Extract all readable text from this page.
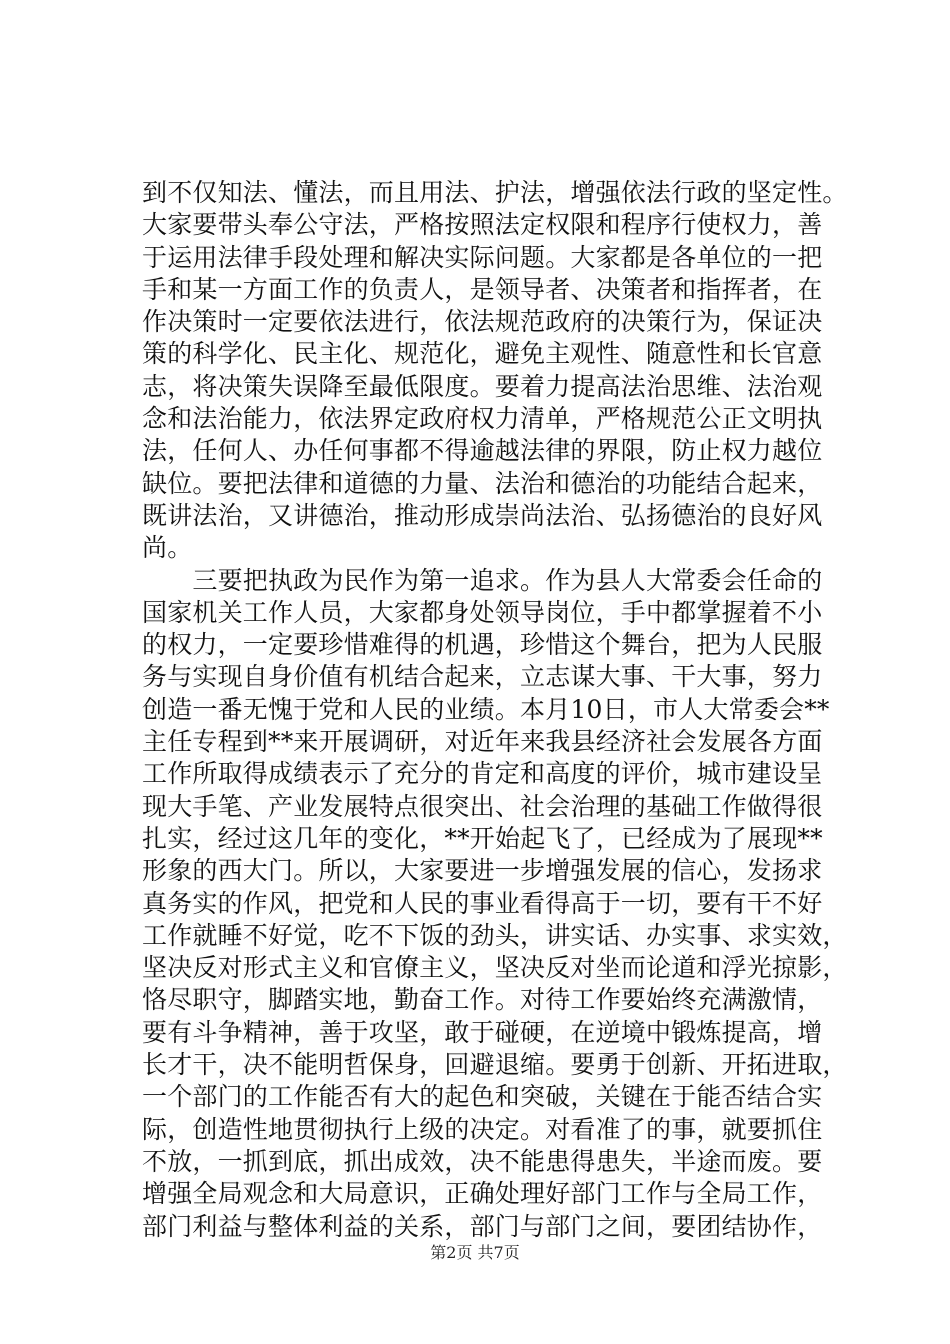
到不仅知法、懂法，而且用法、护法，增强依法行政的坚定性。
大家要带头奉公守法，严格按照法定权限和程序行使权力，善
于运用法律手段处理和解决实际问题。大家都是各单位的一把
手和某一方面工作的负责人，是领导者、决策者和指挥者，在
作决策时一定要依法进行，依法规范政府的决策行为，保证决
策的科学化、民主化、规范化，避免主观性、随意性和长官意
志，将决策失误降至最低限度。要着力提高法治思维、法治观
念和法治能力，依法界定政府权力清单，严格规范公正文明执
法，任何人、办任何事都不得逾越法律的界限，防止权力越位
缺位。要把法律和道德的力量、法治和德治的功能结合起来，
既讲法治，又讲德治，推动形成崇尚法治、弘扬德治的良好风
尚。
　　三要把执政为民作为第一追求。作为县人大常委会任命的
国家机关工作人员，大家都身处领导岗位，手中都掌握着不小
的权力，一定要珍惜难得的机遇，珍惜这个舞台，把为人民服
务与实现自身价值有机结合起来，立志谋大事、干大事，努力
创造一番无愧于党和人民的业绩。本月10日，市人大常委会**
主任专程到**来开展调研，对近年来我县经济社会发展各方面
工作所取得成绩表示了充分的肯定和高度的评价，城市建设呈
现大手笔、产业发展特点很突出、社会治理的基础工作做得很
扎实，经过这几年的变化，**开始起飞了，已经成为了展现**
形象的西大门。所以，大家要进一步增强发展的信心，发扬求
真务实的作风，把党和人民的事业看得高于一切，要有干不好
工作就睡不好觉，吃不下饭的劲头，讲实话、办实事、求实效，
坚决反对形式主义和官僚主义，坚决反对坐而论道和浮光掠影，
恪尽职守，脚踏实地，勤奋工作。对待工作要始终充满激情，
要有斗争精神，善于攻坚，敢于碰硬，在逆境中锻炼提高，增
长才干，决不能明哲保身，回避退缩。要勇于创新、开拓进取，
一个部门的工作能否有大的起色和突破，关键在于能否结合实
际，创造性地贯彻执行上级的决定。对看准了的事，就要抓住
不放，一抓到底，抓出成效，决不能患得患失，半途而废。要
增强全局观念和大局意识，正确处理好部门工作与全局工作，
部门利益与整体利益的关系，部门与部门之间，要团结协作，
第2页 共7页
